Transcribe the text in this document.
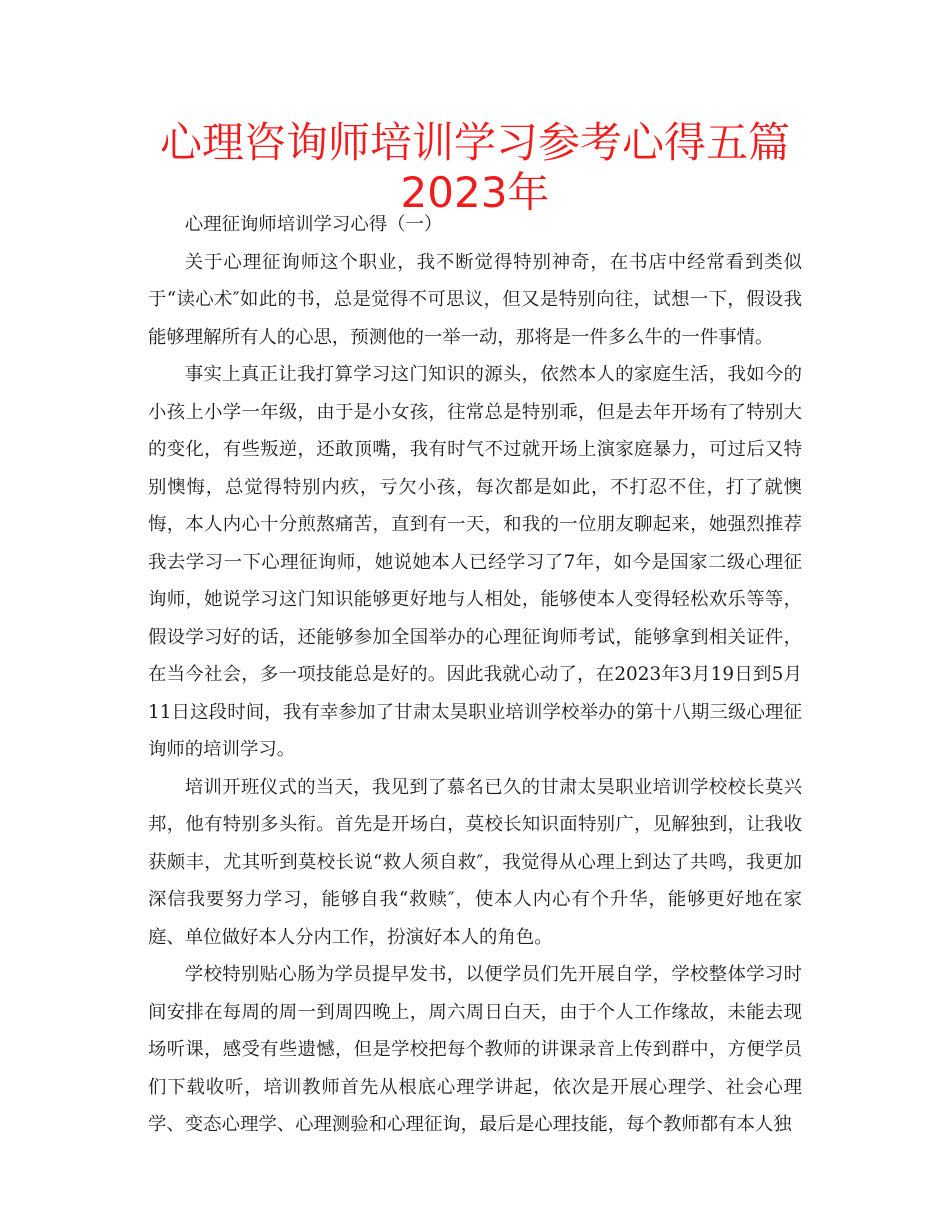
心理咨询师培训学习参考心得五篇2023年

心理征询师培训学习心得（一）

关于心理征询师这个职业，我不断觉得特别神奇，在书店中经常看到类似于“读心术″如此的书，总是觉得不可思议，但又是特别向往，试想一下，假设我能够理解所有人的心思，预测他的一举一动，那将是一件多么牛的一件事情。

事实上真正让我打算学习这门知识的源头，依然本人的家庭生活，我如今的小孩上小学一年级，由于是小女孩，往常总是特别乖，但是去年开场有了特别大的变化，有些叛逆，还敢顶嘴，我有时气不过就开场上演家庭暴力，可过后又特别懊悔，总觉得特别内疚，亏欠小孩，每次都是如此，不打忍不住，打了就懊悔，本人内心十分煎熬痛苦，直到有一天，和我的一位朋友聊起来，她强烈推荐我去学习一下心理征询师，她说她本人已经学习了7年，如今是国家二级心理征询师，她说学习这门知识能够更好地与人相处，能够使本人变得轻松欢乐等等，假设学习好的话，还能够参加全国举办的心理征询师考试，能够拿到相关证件，在当今社会，多一项技能总是好的。因此我就心动了，在2023年3月19日到5月11日这段时间，我有幸参加了甘肃太昊职业培训学校举办的第十八期三级心理征询师的培训学习。

培训开班仪式的当天，我见到了慕名已久的甘肃太昊职业培训学校校长莫兴邦，他有特别多头衔。首先是开场白，莫校长知识面特别广，见解独到，让我收获颇丰，尤其听到莫校长说“救人须自救″，我觉得从心理上到达了共鸣，我更加深信我要努力学习，能够自我“救赎″，使本人内心有个升华，能够更好地在家庭、单位做好本人分内工作，扮演好本人的角色。

学校特别贴心肠为学员提早发书，以便学员们先开展自学，学校整体学习时间安排在每周的周一到周四晚上，周六周日白天，由于个人工作缘故，未能去现场听课，感受有些遗憾，但是学校把每个教师的讲课录音上传到群中，方便学员们下载收听，培训教师首先从根底心理学讲起，依次是开展心理学、社会心理学、变态心理学、心理测验和心理征询，最后是心理技能，每个教师都有本人独
